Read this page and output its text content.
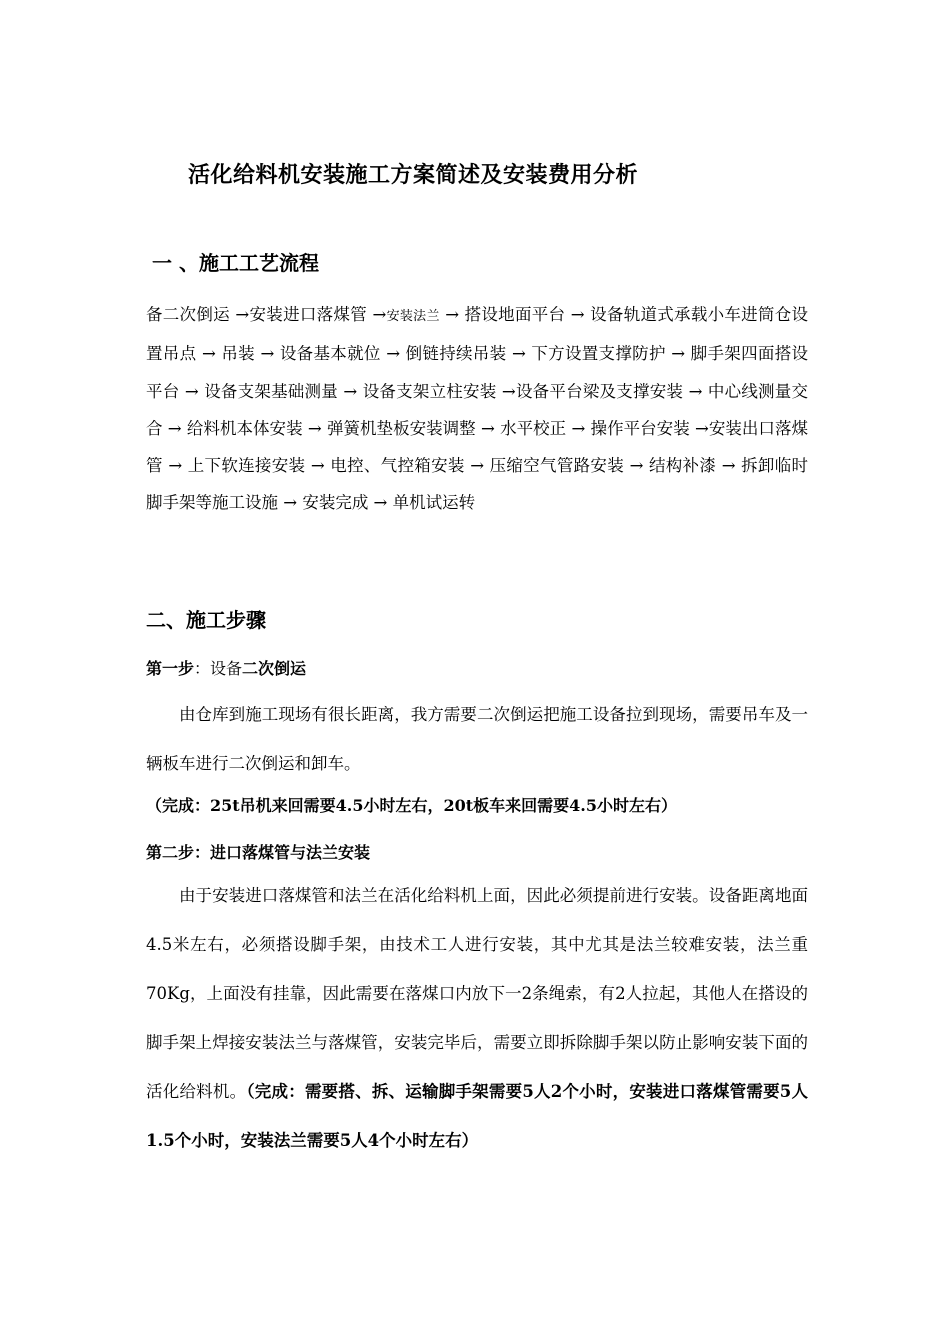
活化给料机安装施工方案简述及安装费用分析
一 、施工工艺流程

备二次倒运 →安装进口落煤管 →安装法兰 → 搭设地面平台 → 设备轨道式承载小车进筒仓设置吊点 → 吊装 → 设备基本就位 → 倒链持续吊装 → 下方设置支撑防护 → 脚手架四面搭设平台 → 设备支架基础测量 → 设备支架立柱安装 →设备平台梁及支撑安装 → 中心线测量交合 → 给料机本体安装 → 弹簧机垫板安装调整 → 水平校正 → 操作平台安装 →安装出口落煤管 → 上下软连接安装 → 电控、气控箱安装 → 压缩空气管路安装 → 结构补漆 → 拆卸临时脚手架等施工设施 → 安装完成 → 单机试运转

二、施工步骤
第一步：设备二次倒运

由仓库到施工现场有很长距离，我方需要二次倒运把施工设备拉到现场，需要吊车及一辆板车进行二次倒运和卸车。

（完成：25t吊机来回需要4.5小时左右，20t板车来回需要4.5小时左右）
第二步：进口落煤管与法兰安装

由于安装进口落煤管和法兰在活化给料机上面，因此必须提前进行安装。设备距离地面4.5米左右，必须搭设脚手架，由技术工人进行安装，其中尤其是法兰较难安装，法兰重70Kg，上面没有挂靠，因此需要在落煤口内放下一2条绳索，有2人拉起，其他人在搭设的脚手架上焊接安装法兰与落煤管，安装完毕后，需要立即拆除脚手架以防止影响安装下面的活化给料机。（完成：需要搭、拆、运输脚手架需要5人2个小时，安装进口落煤管需要5人1.5个小时，安装法兰需要5人4个小时左右）
